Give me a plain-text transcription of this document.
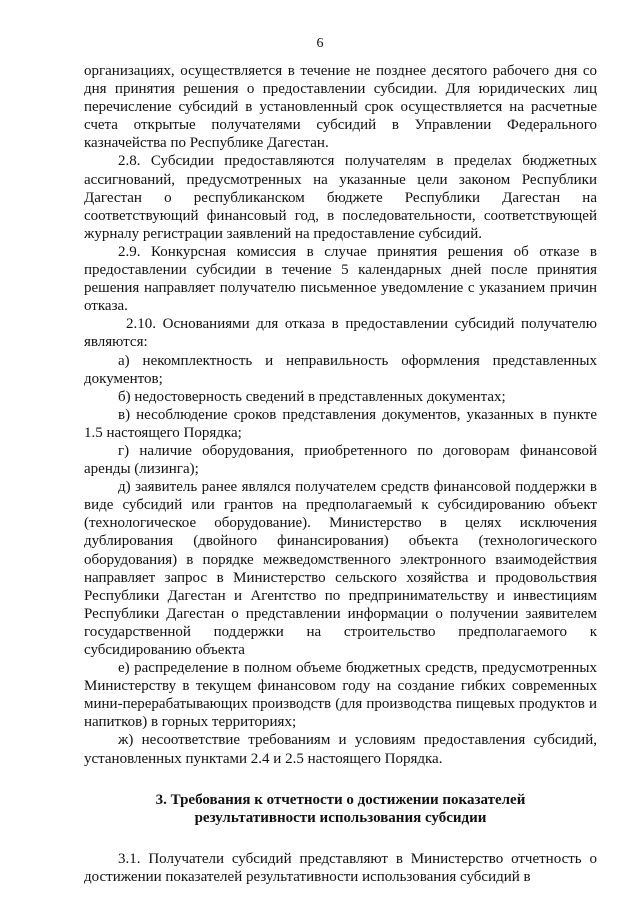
6

организациях, осуществляется в течение не позднее десятого рабочего дня со дня принятия решения о предоставлении субсидии. Для юридических лиц перечисление субсидий в установленный срок осуществляется на расчетные счета открытые получателями субсидий в Управлении Федерального казначейства по Республике Дагестан.

2.8. Субсидии предоставляются получателям в пределах бюджетных ассигнований, предусмотренных на указанные цели законом Республики Дагестан о республиканском бюджете Республики Дагестан на соответствующий финансовый год, в последовательности, соответствующей журналу регистрации заявлений на предоставление субсидий.

2.9. Конкурсная комиссия в случае принятия решения об отказе в предоставлении субсидии в течение 5 календарных дней после принятия решения направляет получателю письменное уведомление с указанием причин отказа.

2.10. Основаниями для отказа в предоставлении субсидий получателю являются:

а) некомплектность и неправильность оформления представленных документов;

б) недостоверность сведений в представленных документах;

в) несоблюдение сроков представления документов, указанных в пункте 1.5 настоящего Порядка;

г) наличие оборудования, приобретенного по договорам финансовой аренды (лизинга);

д) заявитель ранее являлся получателем средств финансовой поддержки в виде субсидий или грантов на предполагаемый к субсидированию объект (технологическое оборудование). Министерство в целях исключения дублирования (двойного финансирования) объекта (технологического оборудования) в порядке межведомственного электронного взаимодействия направляет запрос в Министерство сельского хозяйства и продовольствия Республики Дагестан и Агентство по предпринимательству и инвестициям Республики Дагестан о представлении информации о получении заявителем государственной поддержки на строительство предполагаемого к субсидированию объекта

е) распределение в полном объеме бюджетных средств, предусмотренных Министерству в текущем финансовом году на создание гибких современных мини-перерабатывающих производств (для производства пищевых продуктов и напитков) в горных территориях;

ж) несоответствие требованиям и условиям предоставления субсидий, установленных пунктами 2.4 и 2.5 настоящего Порядка.

3. Требования к отчетности о достижении показателей
результативности использования субсидии

3.1. Получатели субсидий представляют в Министерство отчетность о достижении показателей результативности использования субсидий в
